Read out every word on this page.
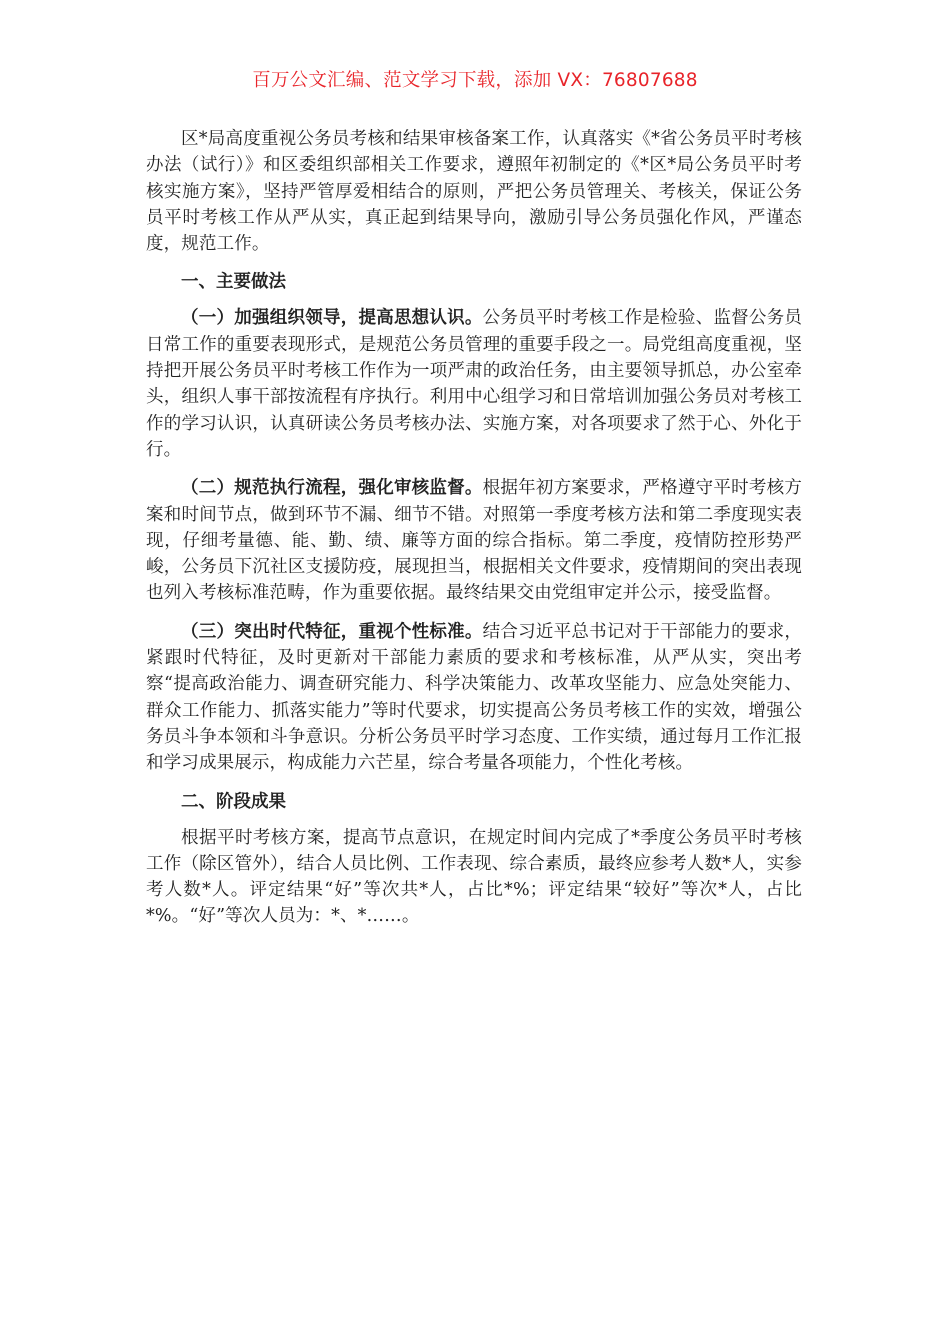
百万公文汇编、范文学习下载，添加 VX：76807688

区*局高度重视公务员考核和结果审核备案工作，认真落实《*省公务员平时考核办法（试行）》和区委组织部相关工作要求，遵照年初制定的《*区*局公务员平时考核实施方案》，坚持严管厚爱相结合的原则，严把公务员管理关、考核关，保证公务员平时考核工作从严从实，真正起到结果导向，激励引导公务员强化作风，严谨态度，规范工作。

一、主要做法

（一）加强组织领导，提高思想认识。公务员平时考核工作是检验、监督公务员日常工作的重要表现形式，是规范公务员管理的重要手段之一。局党组高度重视，坚持把开展公务员平时考核工作作为一项严肃的政治任务，由主要领导抓总，办公室牵头，组织人事干部按流程有序执行。利用中心组学习和日常培训加强公务员对考核工作的学习认识，认真研读公务员考核办法、实施方案，对各项要求了然于心、外化于行。

（二）规范执行流程，强化审核监督。根据年初方案要求，严格遵守平时考核方案和时间节点，做到环节不漏、细节不错。对照第一季度考核方法和第二季度现实表现，仔细考量德、能、勤、绩、廉等方面的综合指标。第二季度，疫情防控形势严峻，公务员下沉社区支援防疫，展现担当，根据相关文件要求，疫情期间的突出表现也列入考核标准范畴，作为重要依据。最终结果交由党组审定并公示，接受监督。

（三）突出时代特征，重视个性标准。结合习近平总书记对于干部能力的要求，紧跟时代特征，及时更新对干部能力素质的要求和考核标准，从严从实，突出考察“提高政治能力、调查研究能力、科学决策能力、改革攻坚能力、应急处突能力、群众工作能力、抓落实能力”等时代要求，切实提高公务员考核工作的实效，增强公务员斗争本领和斗争意识。分析公务员平时学习态度、工作实绩，通过每月工作汇报和学习成果展示，构成能力六芒星，综合考量各项能力，个性化考核。

二、阶段成果

根据平时考核方案，提高节点意识，在规定时间内完成了*季度公务员平时考核工作（除区管外），结合人员比例、工作表现、综合素质，最终应参考人数*人，实参考人数*人。评定结果“好”等次共*人，占比*%；评定结果“较好”等次*人，占比*%。“好”等次人员为：*、*……。
